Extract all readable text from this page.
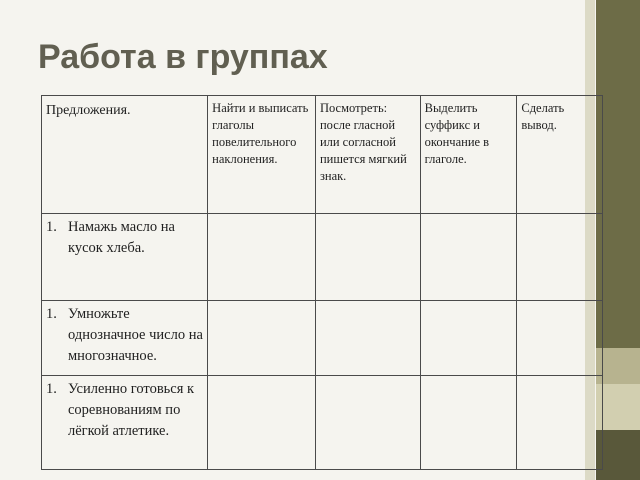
Работа в группах
Предложения.	Найти и выписать глаголы повелительного наклонения.	Посмотреть: после гласной или согласной пишется мягкий знак.	Выделить суффикс и окончание в глаголе.	Сделать вывод.

1. Намажь масло на кусок хлеба.				

1. Умножьте однозначное число на многозначное.				

1. Усиленно готовься к соревнованиям по лёгкой атлетике.				
